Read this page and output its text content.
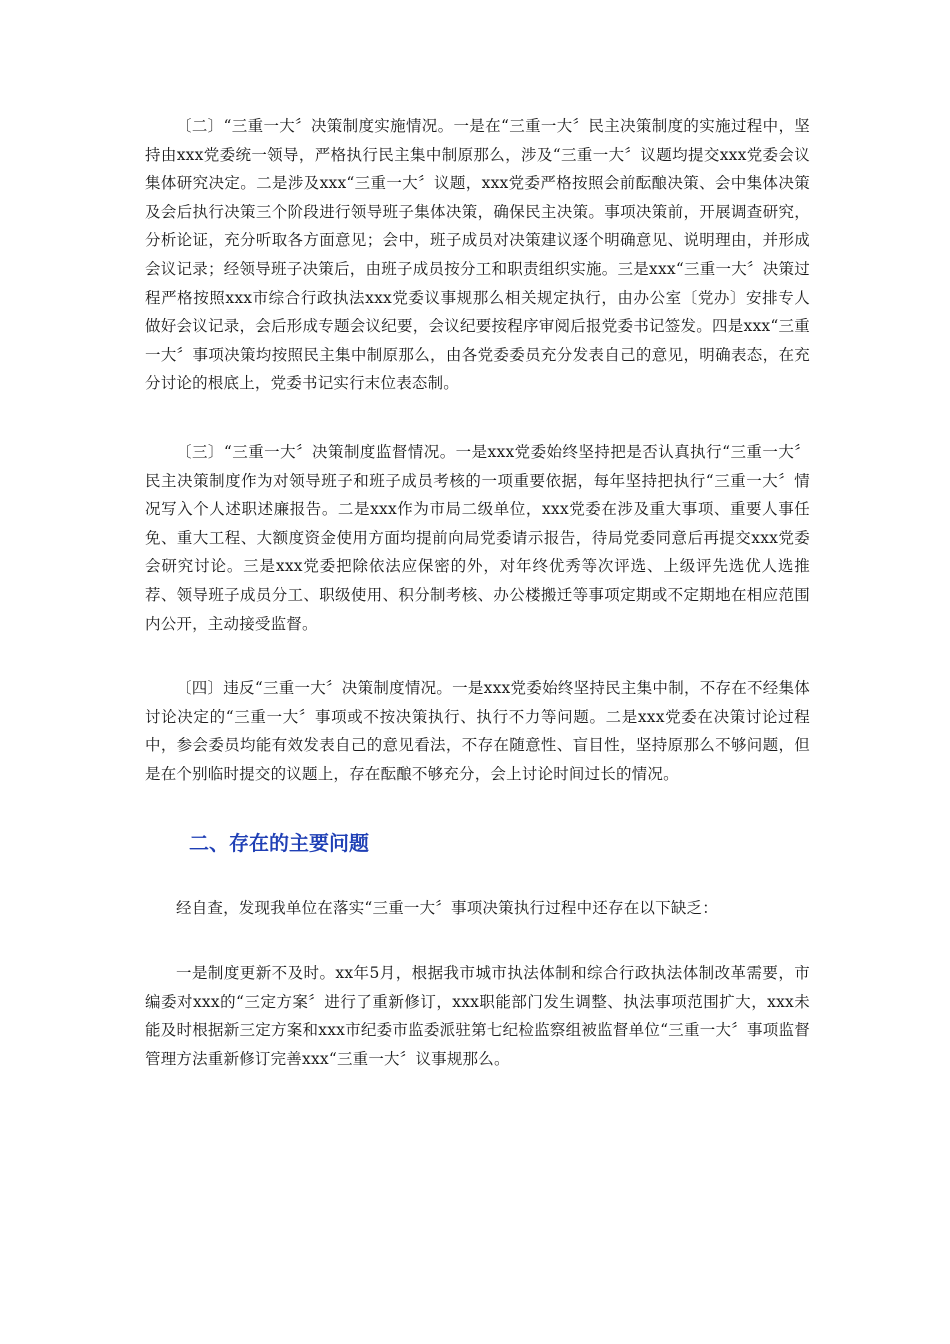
〔二〕“三重一大〞决策制度实施情况。一是在“三重一大〞民主决策制度的实施过程中，坚持由xxx党委统一领导，严格执行民主集中制原那么，涉及“三重一大〞议题均提交xxx党委会议集体研究决定。二是涉及xxx“三重一大〞议题，xxx党委严格按照会前酝酿决策、会中集体决策及会后执行决策三个阶段进行领导班子集体决策，确保民主决策。事项决策前，开展调查研究，分析论证，充分听取各方面意见；会中，班子成员对决策建议逐个明确意见、说明理由，并形成会议记录；经领导班子决策后，由班子成员按分工和职责组织实施。三是xxx“三重一大〞决策过程严格按照xxx市综合行政执法xxx党委议事规那么相关规定执行，由办公室〔党办〕安排专人做好会议记录，会后形成专题会议纪要，会议纪要按程序审阅后报党委书记签发。四是xxx“三重一大〞事项决策均按照民主集中制原那么，由各党委委员充分发表自己的意见，明确表态，在充分讨论的根底上，党委书记实行末位表态制。

〔三〕“三重一大〞决策制度监督情况。一是xxx党委始终坚持把是否认真执行“三重一大〞民主决策制度作为对领导班子和班子成员考核的一项重要依据，每年坚持把执行“三重一大〞情况写入个人述职述廉报告。二是xxx作为市局二级单位，xxx党委在涉及重大事项、重要人事任免、重大工程、大额度资金使用方面均提前向局党委请示报告，待局党委同意后再提交xxx党委会研究讨论。三是xxx党委把除依法应保密的外，对年终优秀等次评选、上级评先选优人选推荐、领导班子成员分工、职级使用、积分制考核、办公楼搬迁等事项定期或不定期地在相应范围内公开，主动接受监督。

〔四〕违反“三重一大〞决策制度情况。一是xxx党委始终坚持民主集中制，不存在不经集体讨论决定的“三重一大〞事项或不按决策执行、执行不力等问题。二是xxx党委在决策讨论过程中，参会委员均能有效发表自己的意见看法，不存在随意性、盲目性，坚持原那么不够问题，但是在个别临时提交的议题上，存在酝酿不够充分，会上讨论时间过长的情况。

二、存在的主要问题

经自查，发现我单位在落实“三重一大〞事项决策执行过程中还存在以下缺乏：

一是制度更新不及时。xx年5月，根据我市城市执法体制和综合行政执法体制改革需要，市编委对xxx的“三定方案〞进行了重新修订，xxx职能部门发生调整、执法事项范围扩大，xxx未能及时根据新三定方案和xxx市纪委市监委派驻第七纪检监察组被监督单位“三重一大〞事项监督管理方法重新修订完善xxx“三重一大〞议事规那么。
